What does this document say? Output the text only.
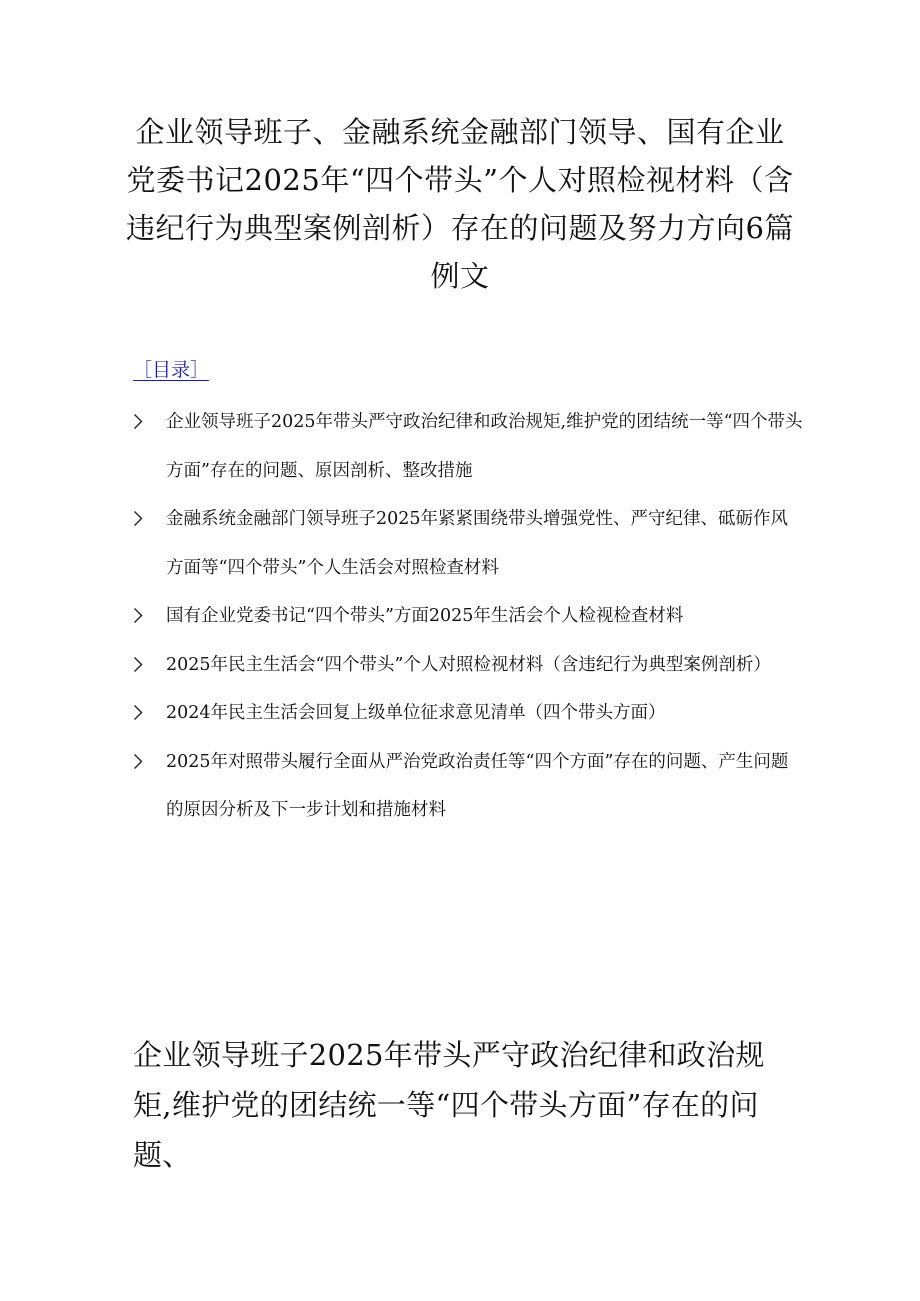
企业领导班子、金融系统金融部门领导、国有企业党委书记2025年“四个带头”个人对照检视材料（含违纪行为典型案例剖析）存在的问题及努力方向6篇例文
［目录］
企业领导班子2025年带头严守政治纪律和政治规矩,维护党的团结统一等“四个带头方面”存在的问题、原因剖析、整改措施
金融系统金融部门领导班子2025年紧紧围绕带头增强党性、严守纪律、砥砺作风方面等“四个带头”个人生活会对照检查材料
国有企业党委书记“四个带头”方面2025年生活会个人检视检查材料
2025年民主生活会“四个带头”个人对照检视材料（含违纪行为典型案例剖析）
2024年民主生活会回复上级单位征求意见清单（四个带头方面）
2025年对照带头履行全面从严治党政治责任等“四个方面”存在的问题、产生问题的原因分析及下一步计划和措施材料
企业领导班子2025年带头严守政治纪律和政治规矩,维护党的团结统一等“四个带头方面”存在的问题、
